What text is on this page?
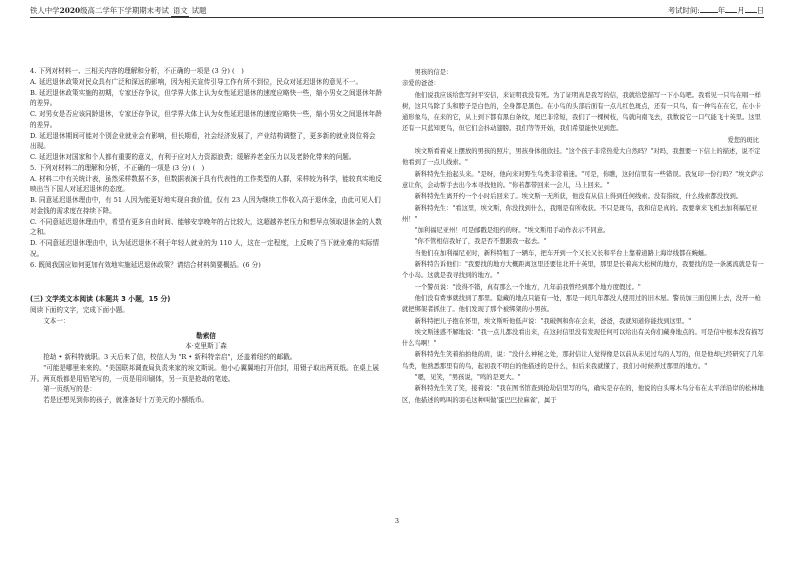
铁人中学2020级高二学年下学期期末考试 语文 试题	考试时间: 年 月 日

4. 下列对材料一、三相关内容的理解和分析，不正确的一项是 (3 分) (　)

A. 延迟退休政策对民众具有广泛和深远的影响，因为相关宣传引导工作有所不到位，民众对延迟退休的意见不一。

B. 延迟退休政策实施的初期，专家还存争议，但学界大体上认为女性延迟退休的速度应略快一些，缩小男女之间退休年龄的差异。

C. 对男女是否应该同龄退休，专家还存争议，但学界大体上认为女性延迟退休的速度应略快一些，缩小男女之间退休年龄的差异。

D. 延迟退休期间可能对个别企业就业会有影响，但长期看，社会经济发展了，产业结构调整了，更多新的就业岗位将会出现。

C. 延迟退休对国家和个人都有重要的意义，有利于应对人力资源浪费；缓解养老金压力以及老龄化带来的问题。

5. 下列对材料二的理解和分析，不正确的一项是 (3 分) (　)

A. 材料二中有关统计表，虽然采样数据不多，但数据表演于具有代表性的工作类型的人群，采样较为科学，能较真实地反映出当下国人对延迟退休的态度。

B. 同意延迟退休理由中，有 51 人因为能更好地实现自我价值，仅有 23 人因为继续工作收入高于退休金，由此可见人们对金钱的需求度在持续下降。

C. 不同意延迟退休理由中，希望有更多自由时间、能够安享晚年的占比较大，这超越养老压力和想早点领取退休金的人数之和。

D. 不同意延迟退休理由中，认为延迟退休不利于年轻人就业的为 110 人，这在一定程度，上反映了当下就业难的实际情况。

6. 既阅我国应如何更加有效地实施延迟退休政策？请结合材料简要概括。(6 分)

(三) 文学类文本阅读 (本题共 3 小题，15 分)

阅读下面的文字，完成下面小题。

文本一：

勒索信

本·克里斯丁森

抢劫 • 新科特就职。3 天后来了信，校信人为 "R • 新科特亲启"，还盖着纽约的邮戳。

"可能是哪里来来的。"美国联邦调查局负责来家的埃文斯说。他小心翼翼地打开信封，用镊子取出两页纸。在桌上展开。两页纸都是用铅笔写的，一页是用印刷体，另一页是抢劫的笔迹。

第一页纸写的是：

若是还想见到你的孩子，就准备好十万美元的小额纸币。

男孩的信是：

亲爱的爸爸：

他们说我应该给您写封平安信，来证明我没有死。为了证明真是我写的信，我就给您描写一下小岛吧。我看见一只鸟在唱一样树，这只鸟除了头和脖子是白色的，全身都是黑色。在小鸟的头部后面有一点儿红色斑点，还有一只鸟，有一种鸟在在它，在小卡通形象鸟，在来的它，从上到下都有黑白条纹，尾巴非常短，我们了一棵树枝，鸟就向南飞去，我数说它一口气能飞十英里。这里还有一只蓝知更鸟，但它们会抖动翅膀。我们等等开始，我们希望能快见到您。

爱您的斑比

埃文斯看着桌上摆放的男孩的照片，男孩身体很欣挂。"这个孩子非常热爱大自然吗？"对吗，我想要一下信上的描述，说不定他看到了一点儿线索。"

新科特先生抬起头来。"是呀，他向来对野生鸟类非常着迷。"可是，你瞧，这封信里有一些错误。我复印一份行吗？"埃文萨示意让你，会动帮手去出今本寻找他的。"你若都带回来一会儿，马上回来。"

新科特先生离开约一个小时后回来了。埃文斯一无所获，他没有从信上得到任何线索。没有指纹，什么线索都没找到。

新科特先生："看这里，埃文斯，你没找到什么，我刚是有所收获。不只是斑鸟，我和信是真的。我要拿来飞机去加利福尼亚州！"

"加利福尼亚州！可是邮戳是纽约的呀。"埃文斯用手动作表示不同意。

"你不管相信我好了，我是否不想跟我一起去。"

当他们在加利福尼亚时，新科特租了一辆车，把车开到一个又长又长和平台上靠着道路上海岸线都在蜿蜒。

新科特告诉他们："我要找的地方大概距离这里还要往北开十英里，那里是长着高大松树的地方，我要找的是一条溪流就是有一个小岛。这就是我寻找到的地方。"

一个警员说："没得不错，真有那么一个地方，几年前我曾经到那个地方度假过。"

他们没有费事就找到了那里。隐藏的地点只能有一处，那是一间几年都没人使用过的旧木屋。警员加三面包围上去，没开一枪就把绑架者抓住了。他们发现了那个被绑架的小男孩。

新科特把儿子抱在怀里，埃文斯听他低声说："我破例和你在会来，爸爸，我就知道你能找到这里。"

埃文斯迷惑不解地说："我一点儿都没看出来，在这封信里没有发现任何可以给出有关你们藏身地点的。可是信中根本没有描写什么鸟啊！"

新科特先生笑着拍拍他的肩，说："没什么神秘之处，那封信让人觉得像是以前从未见过鸟的人写的，但是他却已经研究了几年鸟类，他熟悉那里有的鸟，起初我不明白的他描述的是什么，但后来我就懂了，我们小时候养过那里的地方。"

"嗯，见笑，"男孩说，"鸣的是更大。"

新科特先生笑了笑，接着说："我在图书馆查到抢劫信里写的鸟，确实是存在的，他说的白头啄木鸟分布在太平洋沿岸的松林地区，他描述的鸣叫的羽毛这种叫做'蛋巴巴拉麻雀'，属于

3
